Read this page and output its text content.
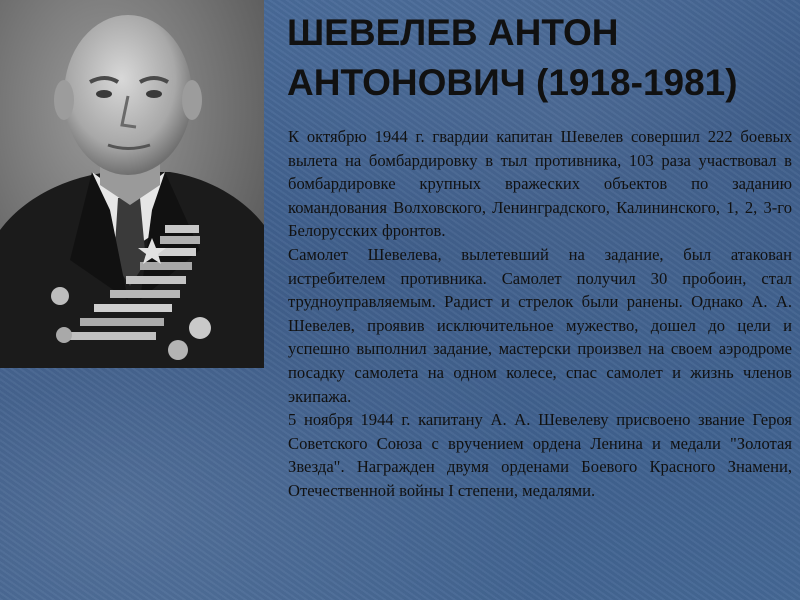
ШЕВЕЛЕВ АНТОН
АНТОНОВИЧ (1918-1981)

К октябрю 1944 г. гвардии капитан Шевелев совершил 222 боевых вылета на бомбардировку в тыл противника, 103 раза участвовал в бомбардировке крупных вражеских объектов по заданию командования Волховского, Ленинградского, Калининского, 1, 2, 3-го Белорусских фронтов.

Самолет Шевелева, вылетевший на задание, был атакован истребителем противника. Самолет получил 30 пробоин, стал трудноуправляемым. Радист и стрелок были ранены. Однако А. А. Шевелев, проявив исключительное мужество, дошел до цели и успешно выполнил задание, мастерски произвел на своем аэродроме посадку самолета на одном колесе, спас самолет и жизнь членов экипажа.

5 ноября 1944 г. капитану А. А. Шевелеву присвоено звание Героя Советского Союза с вручением ордена Ленина и медали "Золотая Звезда". Награжден двумя орденами Боевого Красного Знамени, Отечественной войны I степени, медалями.
